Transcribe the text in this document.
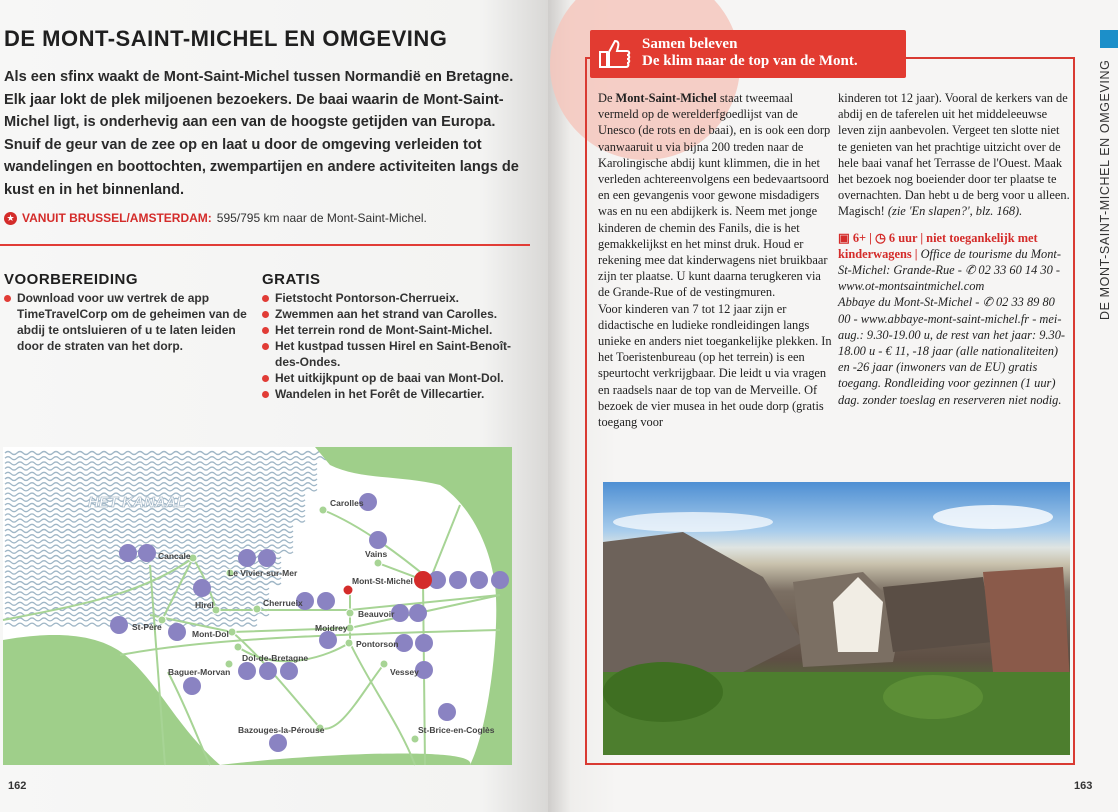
DE MONT-SAINT-MICHEL EN OMGEVING

Als een sfinx waakt de Mont-Saint-Michel tussen Normandië en Bretagne. Elk jaar lokt de plek miljoenen bezoekers. De baai waarin de Mont-Saint-Michel ligt, is onderhevig aan een van de hoogste getijden van Europa. Snuif de geur van de zee op en laat u door de omgeving verleiden tot wandelingen en boottochten, zwempartijen en andere activiteiten langs de kust en in het binnenland.

★ VANUIT BRUSSEL/AMSTERDAM: 595/795 km naar de Mont-Saint-Michel.
VOORBEREIDING
Download voor uw vertrek de app TimeTravelCorp om de geheimen van de abdij te ontsluieren of u te laten leiden door de straten van het dorp.
GRATIS
Fietstocht Pontorson-Cherrueix.
Zwemmen aan het strand van Carolles.
Het terrein rond de Mont-Saint-Michel.
Het kustpad tussen Hirel en Saint-Benoît-des-Ondes.
Het uitkijkpunt op de baai van Mont-Dol.
Wandelen in het Forêt de Villecartier.
HET KANAAL	Carolles
Vains
Mont-St-Michel
Cancale
Le Vivier-sur-Mer
Hirel	Cherrueix
St-Père
Mont-Dol
Dol-de-Bretagne
Baguer-Morvan
Beauvoir
Moidrey
Pontorson
Vessey
Bazouges-la-Pérouse	St-Brice-en-Coglès
162
Samen beleven
De klim naar de top van de Mont.

De Mont-Saint-Michel staat tweemaal vermeld op de werelderfgoedlijst van de Unesco (de rots en de baai), en is ook een dorp vanwaaruit u via bijna 200 treden naar de Karolingische abdij kunt klimmen, die in het verleden achtereenvolgens een bedevaartsoord en een gevangenis voor gewone misdadigers was en nu een abdijkerk is. Neem met jonge kinderen de chemin des Fanils, die is het gemakkelijkst en het minst druk. Houd er rekening mee dat kinderwagens niet bruikbaar zijn ter plaatse. U kunt daarna terugkeren via de Grande-Rue of de vestingmuren.

Voor kinderen van 7 tot 12 jaar zijn er didactische en ludieke rondleidingen langs unieke en anders niet toegankelijke plekken. In het Toeristenbureau (op het terrein) is een speurtocht verkrijgbaar. Die leidt u via vragen en raadsels naar de top van de Merveille. Of bezoek de vier musea in het oude dorp (gratis toegang voor

kinderen tot 12 jaar). Vooral de kerkers van de abdij en de taferelen uit het middeleeuwse leven zijn aanbevolen. Vergeet ten slotte niet te genieten van het prachtige uitzicht over de hele baai vanaf het Terrasse de l'Ouest. Maak het bezoek nog boeiender door ter plaatse te overnachten. Dan hebt u de berg voor u alleen. Magisch! (zie 'En slapen?', blz. 168).

▣ 6+ | ◷ 6 uur | niet toegankelijk met kinderwagens | Office de tourisme du Mont-St-Michel: Grande-Rue - ✆ 02 33 60 14 30 - www.ot-montsaintmichel.com

Abbaye du Mont-St-Michel - ✆ 02 33 89 80 00 - www.abbaye-mont-saint-michel.fr - mei-aug.: 9.30-19.00 u, de rest van het jaar: 9.30-18.00 u - € 11, -18 jaar (alle nationaliteiten) en -26 jaar (inwoners van de EU) gratis toegang. Rondleiding voor gezinnen (1 uur) dag. zonder toeslag en reserveren niet nodig.

DE MONT-SAINT-MICHEL EN OMGEVING
163
